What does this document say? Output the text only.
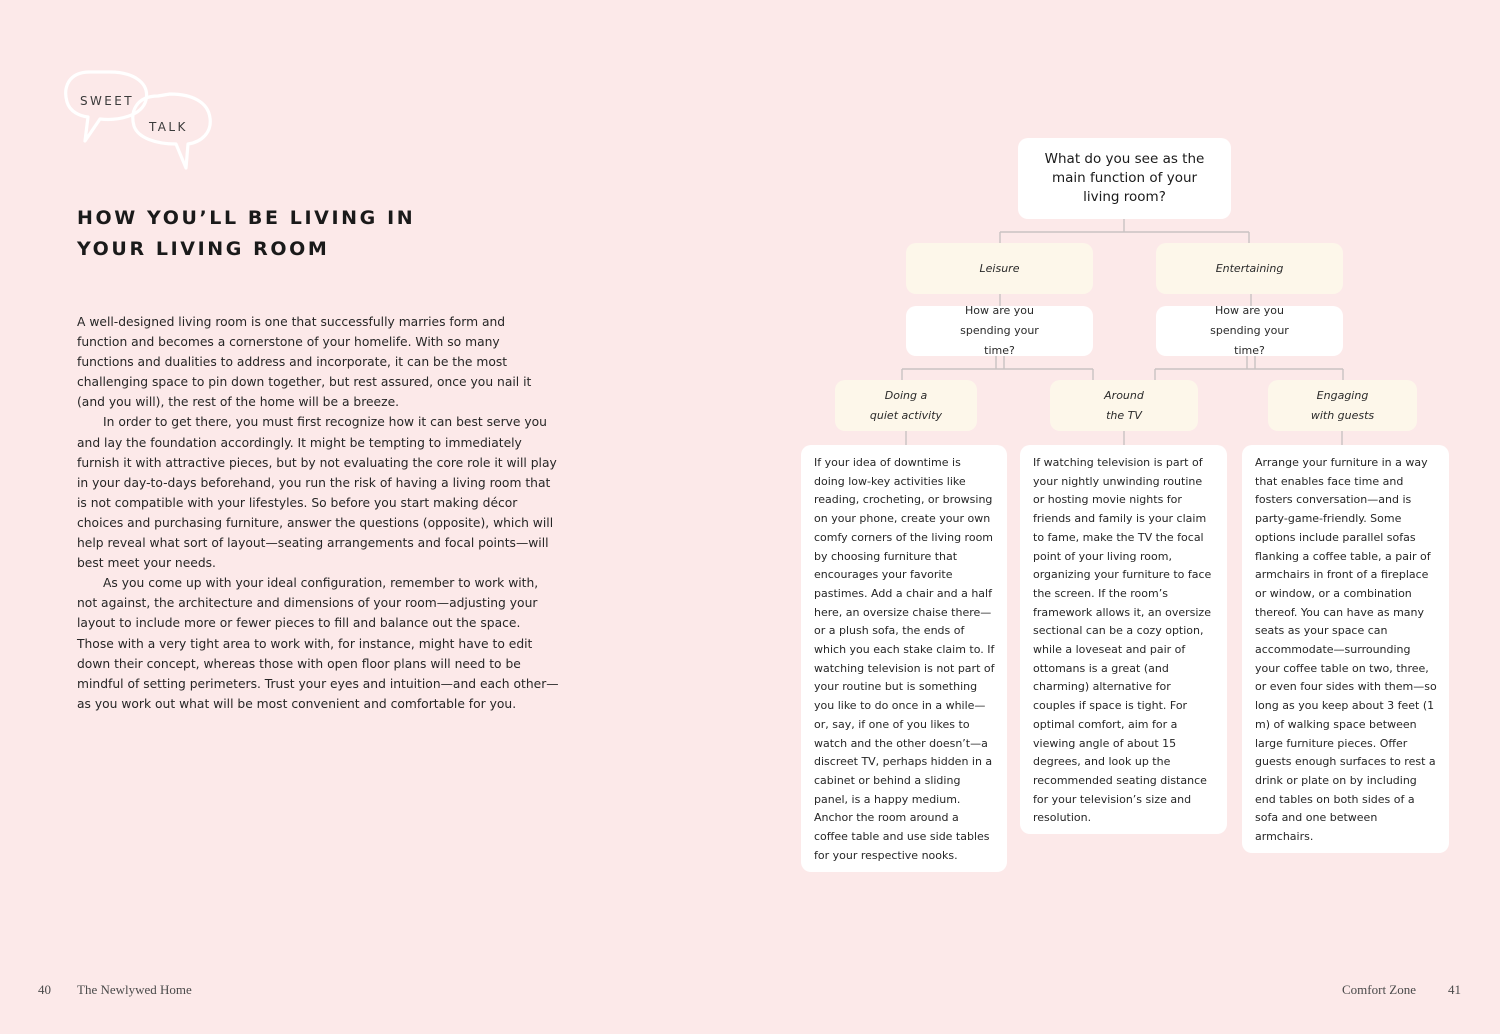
SWEET
TALK
HOW YOU’LL BE LIVING IN
YOUR LIVING ROOM

A well-designed living room is one that successfully marries form and function and becomes a cornerstone of your homelife. With so many functions and dualities to address and incorporate, it can be the most challenging space to pin down together, but rest assured, once you nail it (and you will), the rest of the home will be a breeze.

In order to get there, you must first recognize how it can best serve you and lay the foundation accordingly. It might be tempting to immediately furnish it with attractive pieces, but by not evaluating the core role it will play in your day-to-days beforehand, you run the risk of having a living room that is not compatible with your lifestyles. So before you start making décor choices and purchasing furniture, answer the questions (opposite), which will help reveal what sort of layout—seating arrangements and focal points—will best meet your needs.

As you come up with your ideal configuration, remember to work with, not against, the architecture and dimensions of your room—adjusting your layout to include more or fewer pieces to fill and balance out the space. Those with a very tight area to work with, for instance, might have to edit down their concept, whereas those with open floor plans will need to be mindful of setting perimeters. Trust your eyes and intuition—and each other—as you work out what will be most convenient and comfortable for you.

What do you see as the main function of your living room?
Leisure	Entertaining
How are you spending your time?
How are you spending your time?
Doing a
quiet activity
Around
the TV
Engaging
with guests

If your idea of downtime is doing low-key activities like reading, crocheting, or browsing on your phone, create your own comfy corners of the living room by choosing furniture that encourages your favorite pastimes. Add a chair and a half here, an oversize chaise there—or a plush sofa, the ends of which you each stake claim to. If watching television is not part of your routine but is something you like to do once in a while—or, say, if one of you likes to watch and the other doesn’t—a discreet TV, perhaps hidden in a cabinet or behind a sliding panel, is a happy medium. Anchor the room around a coffee table and use side tables for your respective nooks.

If watching television is part of your nightly unwinding routine or hosting movie nights for friends and family is your claim to fame, make the TV the focal point of your living room, organizing your furniture to face the screen. If the room’s framework allows it, an oversize sectional can be a cozy option, while a loveseat and pair of ottomans is a great (and charming) alternative for couples if space is tight. For optimal comfort, aim for a viewing angle of about 15 degrees, and look up the recommended seating distance for your television’s size and resolution.

Arrange your furniture in a way that enables face time and fosters conversation—and is party-game-friendly. Some options include parallel sofas flanking a coffee table, a pair of armchairs in front of a fireplace or window, or a combination thereof. You can have as many seats as your space can accommodate—surrounding your coffee table on two, three, or even four sides with them—so long as you keep about 3 feet (1 m) of walking space between large furniture pieces. Offer guests enough surfaces to rest a drink or plate on by including end tables on both sides of a sofa and one between armchairs.

40 The Newlywed Home	Comfort Zone 41
